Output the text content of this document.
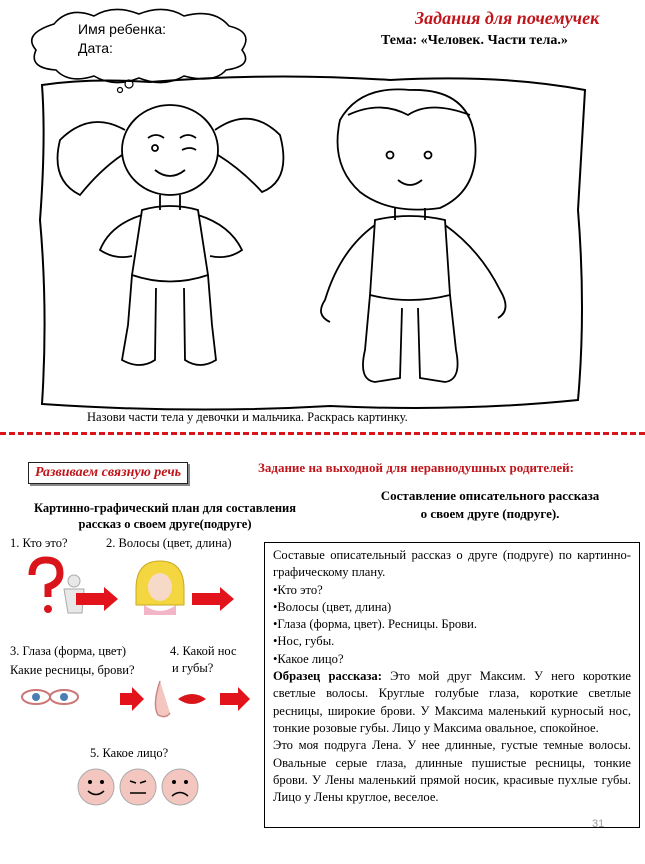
Задания для почемучек
Тема: «Человек. Части тела.»
Имя ребенка:
Дата:
Назови части тела у девочки и мальчика. Раскрась картинку.
Развиваем связную речь	Задание на выходной для неравнодушных родителей:
Картинно-графический план для составления
рассказ о своем друге(подруге)
Составление описательного рассказа
о своем друге (подруге).
1. Кто это?	2. Волосы (цвет, длина)
3. Глаза (форма, цвет)
Какие ресницы, брови?
4. Какой нос
и губы?
5. Какое лицо?

Составые описательный рассказ о друге (подруге) по картинно-графическому плану.

•Кто это?

•Волосы (цвет, длина)

•Глаза (форма, цвет). Ресницы. Брови.

•Нос, губы.

•Какое лицо?

Образец рассказа: Это мой друг Максим. У него короткие светлые волосы. Круглые голубые глаза, короткие светлые ресницы, широкие брови. У Максима маленький курносый нос, тонкие розовые губы. Лицо у Максима овальное, спокойное.

Это моя подруга Лена. У нее длинные, густые темные волосы. Овальные серые глаза, длинные пушистые ресницы, тонкие брови. У Лены маленький прямой носик, красивые пухлые губы. Лицо у Лены круглое, веселое.

31
